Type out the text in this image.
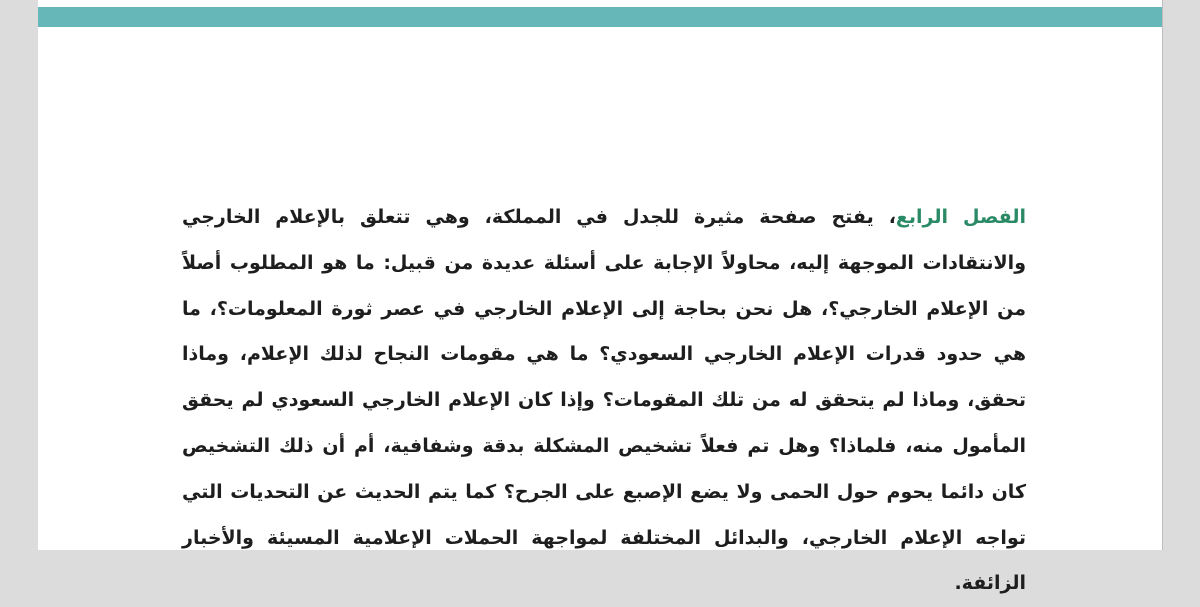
الفصل الرابع، يفتح صفحة مثيرة للجدل في المملكة، وهي تتعلق بالإعلام الخارجي والانتقادات الموجهة إليه، محاولاً الإجابة على أسئلة عديدة من قبيل: ما هو المطلوب أصلاً من الإعلام الخارجي؟، هل نحن بحاجة إلى الإعلام الخارجي في عصر ثورة المعلومات؟، ما هي حدود قدرات الإعلام الخارجي السعودي؟ ما هي مقومات النجاح لذلك الإعلام، وماذا تحقق، وماذا لم يتحقق له من تلك المقومات؟ وإذا كان الإعلام الخارجي السعودي لم يحقق المأمول منه، فلماذا؟ وهل تم فعلاً تشخيص المشكلة بدقة وشفافية، أم أن ذلك التشخيص كان دائما يحوم حول الحمى ولا يضع الإصبع على الجرح؟ كما يتم الحديث عن التحديات التي تواجه الإعلام الخارجي، والبدائل المختلفة لمواجهة الحملات الإعلامية المسيئة والأخبار الزائفة.
